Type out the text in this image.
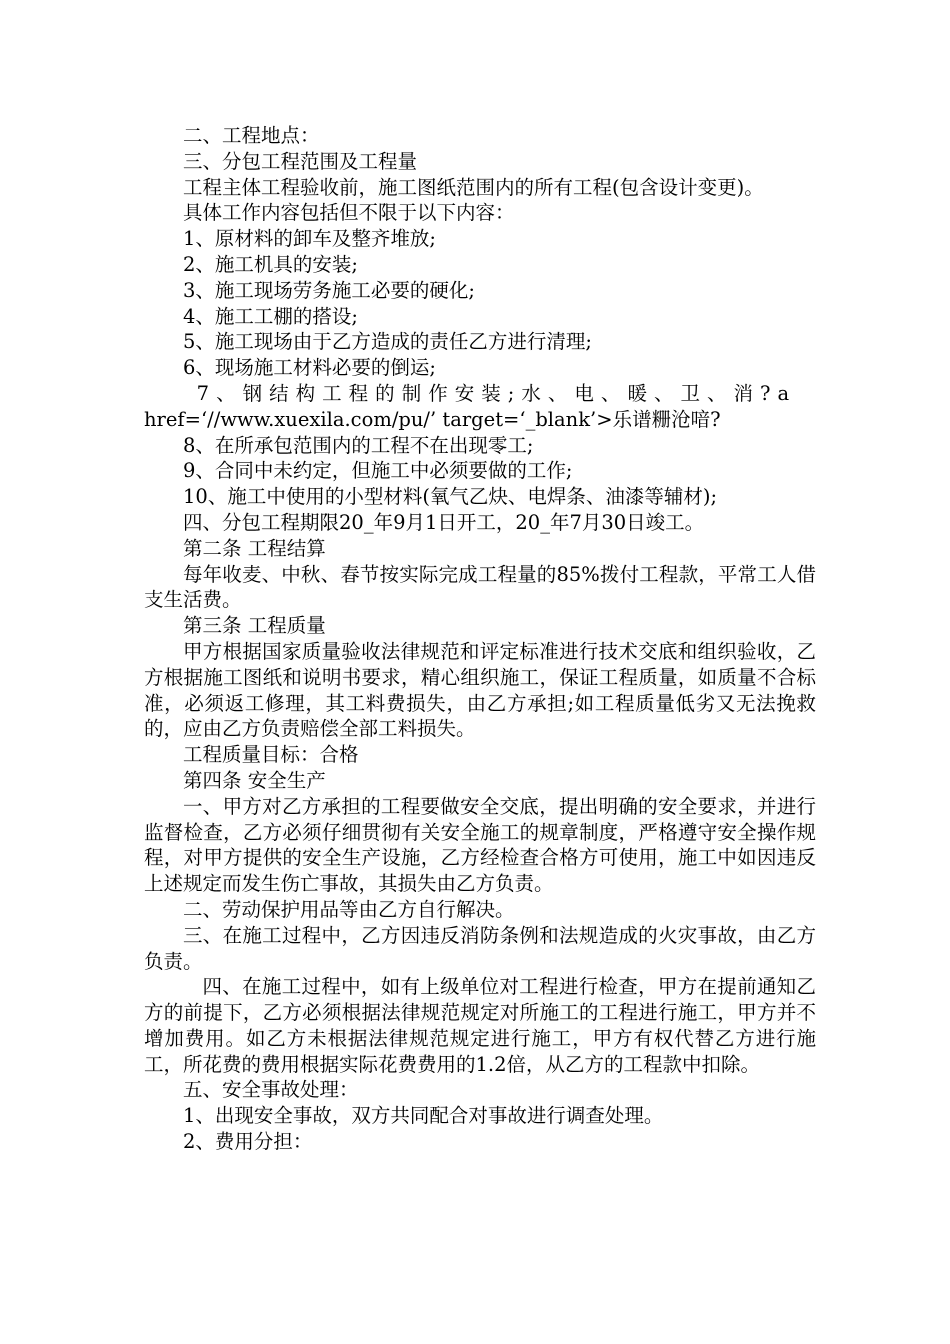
二、工程地点：

三、分包工程范围及工程量

工程主体工程验收前，施工图纸范围内的所有工程(包含设计变更)。

具体工作内容包括但不限于以下内容：

1、原材料的卸车及整齐堆放;

2、施工机具的安装;

3、施工现场劳务施工必要的硬化;

4、施工工棚的搭设;

5、施工现场由于乙方造成的责任乙方进行清理;

6、现场施工材料必要的倒运;

7、钢结构工程的制作安装;水、电、暖、卫、消?a

href=‘//www.xuexila.com/pu/’ target=‘_blank’>乐谱粣沧喑?

8、在所承包范围内的工程不在出现零工;

9、合同中未约定，但施工中必须要做的工作;

10、施工中使用的小型材料(氧气乙炔、电焊条、油漆等辅材);

四、分包工程期限20_年9月1日开工，20_年7月30日竣工。

第二条 工程结算

每年收麦、中秋、春节按实际完成工程量的85%拨付工程款，平常工人借支生活费。

第三条 工程质量

甲方根据国家质量验收法律规范和评定标准进行技术交底和组织验收，乙方根据施工图纸和说明书要求，精心组织施工，保证工程质量，如质量不合标准，必须返工修理，其工料费损失，由乙方承担;如工程质量低劣又无法挽救的，应由乙方负责赔偿全部工料损失。

工程质量目标：合格

第四条 安全生产

一、甲方对乙方承担的工程要做安全交底，提出明确的安全要求，并进行监督检查，乙方必须仔细贯彻有关安全施工的规章制度，严格遵守安全操作规程，对甲方提供的安全生产设施，乙方经检查合格方可使用，施工中如因违反上述规定而发生伤亡事故，其损失由乙方负责。

二、劳动保护用品等由乙方自行解决。

三、在施工过程中，乙方因违反消防条例和法规造成的火灾事故，由乙方负责。

四、在施工过程中，如有上级单位对工程进行检查，甲方在提前通知乙方的前提下，乙方必须根据法律规范规定对所施工的工程进行施工，甲方并不增加费用。如乙方未根据法律规范规定进行施工，甲方有权代替乙方进行施工，所花费的费用根据实际花费费用的1.2倍，从乙方的工程款中扣除。

五、安全事故处理：

1、出现安全事故，双方共同配合对事故进行调查处理。

2、费用分担：
